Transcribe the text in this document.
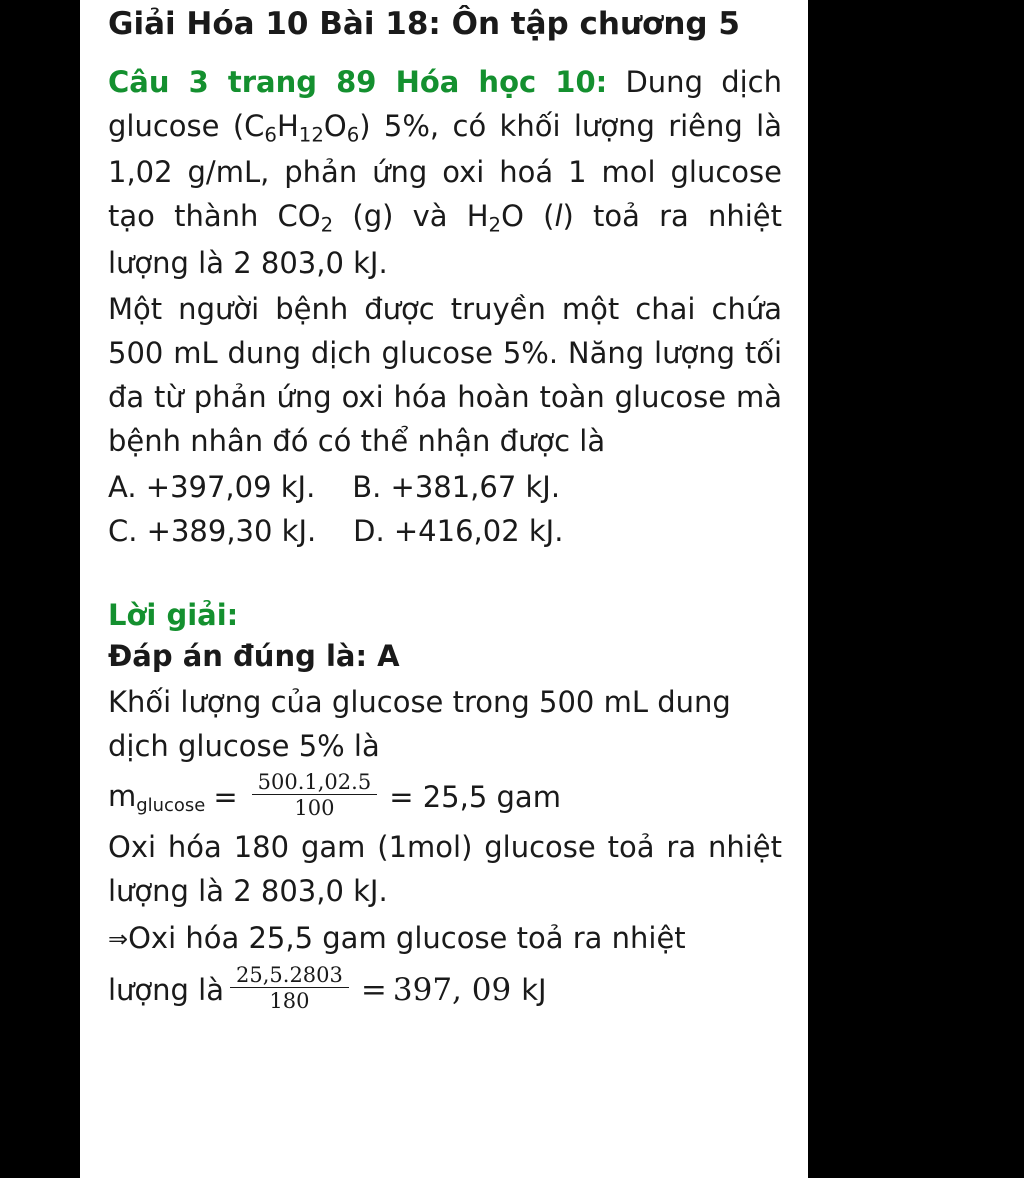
Giải Hóa 10 Bài 18: Ôn tập chương 5

Câu 3 trang 89 Hóa học 10: Dung dịch glucose $(C_6H_{12}O_6)$ 5%, có khối lượng riêng là 1,02 g/mL, phản ứng oxi hoá 1 mol glucose tạo thành $CO_2$ (g) và $H_2O$ (l) toả ra nhiệt lượng là 2 803,0 kJ.

Một người bệnh được truyền một chai chứa 500 mL dung dịch glucose 5%. Năng lượng tối đa từ phản ứng oxi hóa hoàn toàn glucose mà bệnh nhân đó có thể nhận được là

A. +397,09 kJ.    B. +381,67 kJ.

C. +389,30 kJ.    D. +416,02 kJ.

Lời giải:

Đáp án đúng là: A

Khối lượng của glucose trong 500 mL dung dịch glucose 5% là

$m_{glucose} = \frac{500.1,02.5}{100} = 25,5$ gam

Oxi hóa 180 gam (1mol) glucose toả ra nhiệt lượng là 2 803,0 kJ.

⇒ Oxi hóa 25,5 gam glucose toả ra nhiệt
lượng là $\frac{25,5.2803}{180} = 397$, 09 kJ
